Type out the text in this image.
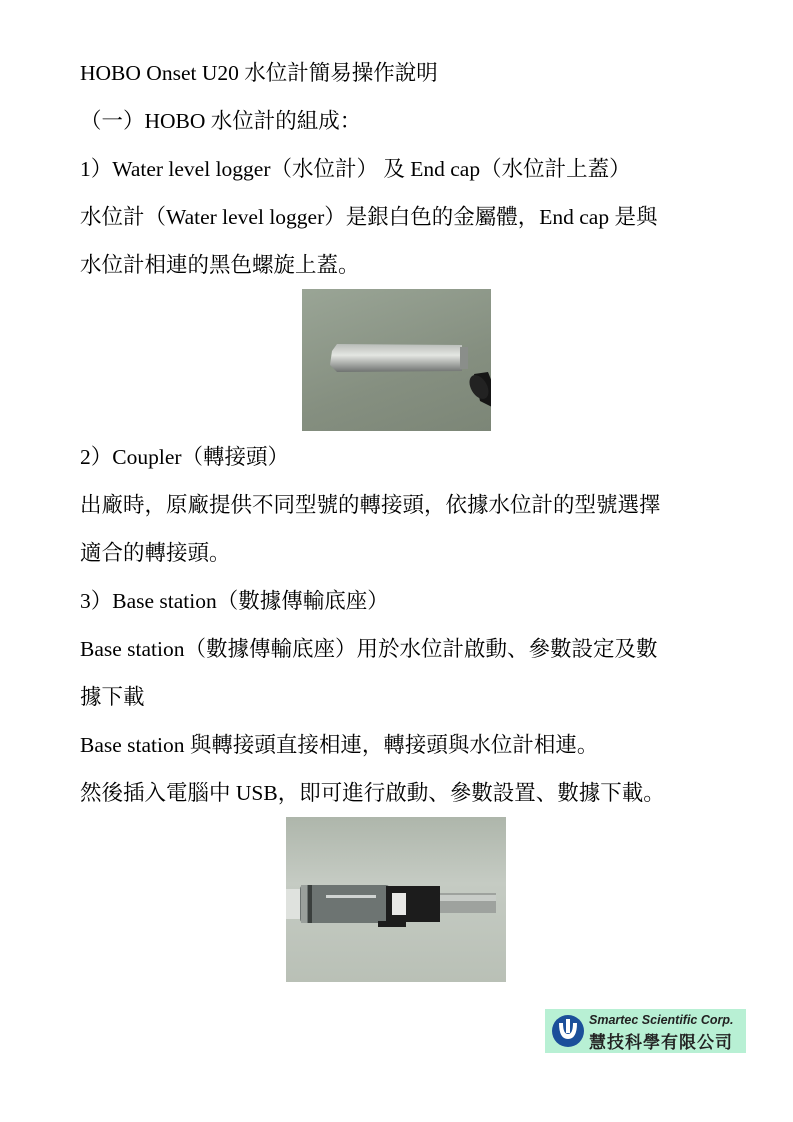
HOBO Onset U20 水位計簡易操作說明
（一）HOBO 水位計的組成：
1）Water level logger（水位計） 及 End cap（水位計上蓋）
水位計（Water level logger）是銀白色的金屬體，End cap 是與
水位計相連的黑色螺旋上蓋。
2）Coupler（轉接頭）
出廠時，原廠提供不同型號的轉接頭，依據水位計的型號選擇
適合的轉接頭。
3）Base station（數據傳輸底座）
Base station（數據傳輸底座）用於水位計啟動、參數設定及數
據下載
Base station 與轉接頭直接相連，轉接頭與水位計相連。
然後插入電腦中 USB，即可進行啟動、參數設置、數據下載。
Smartec Scientific Corp.
慧技科學有限公司
